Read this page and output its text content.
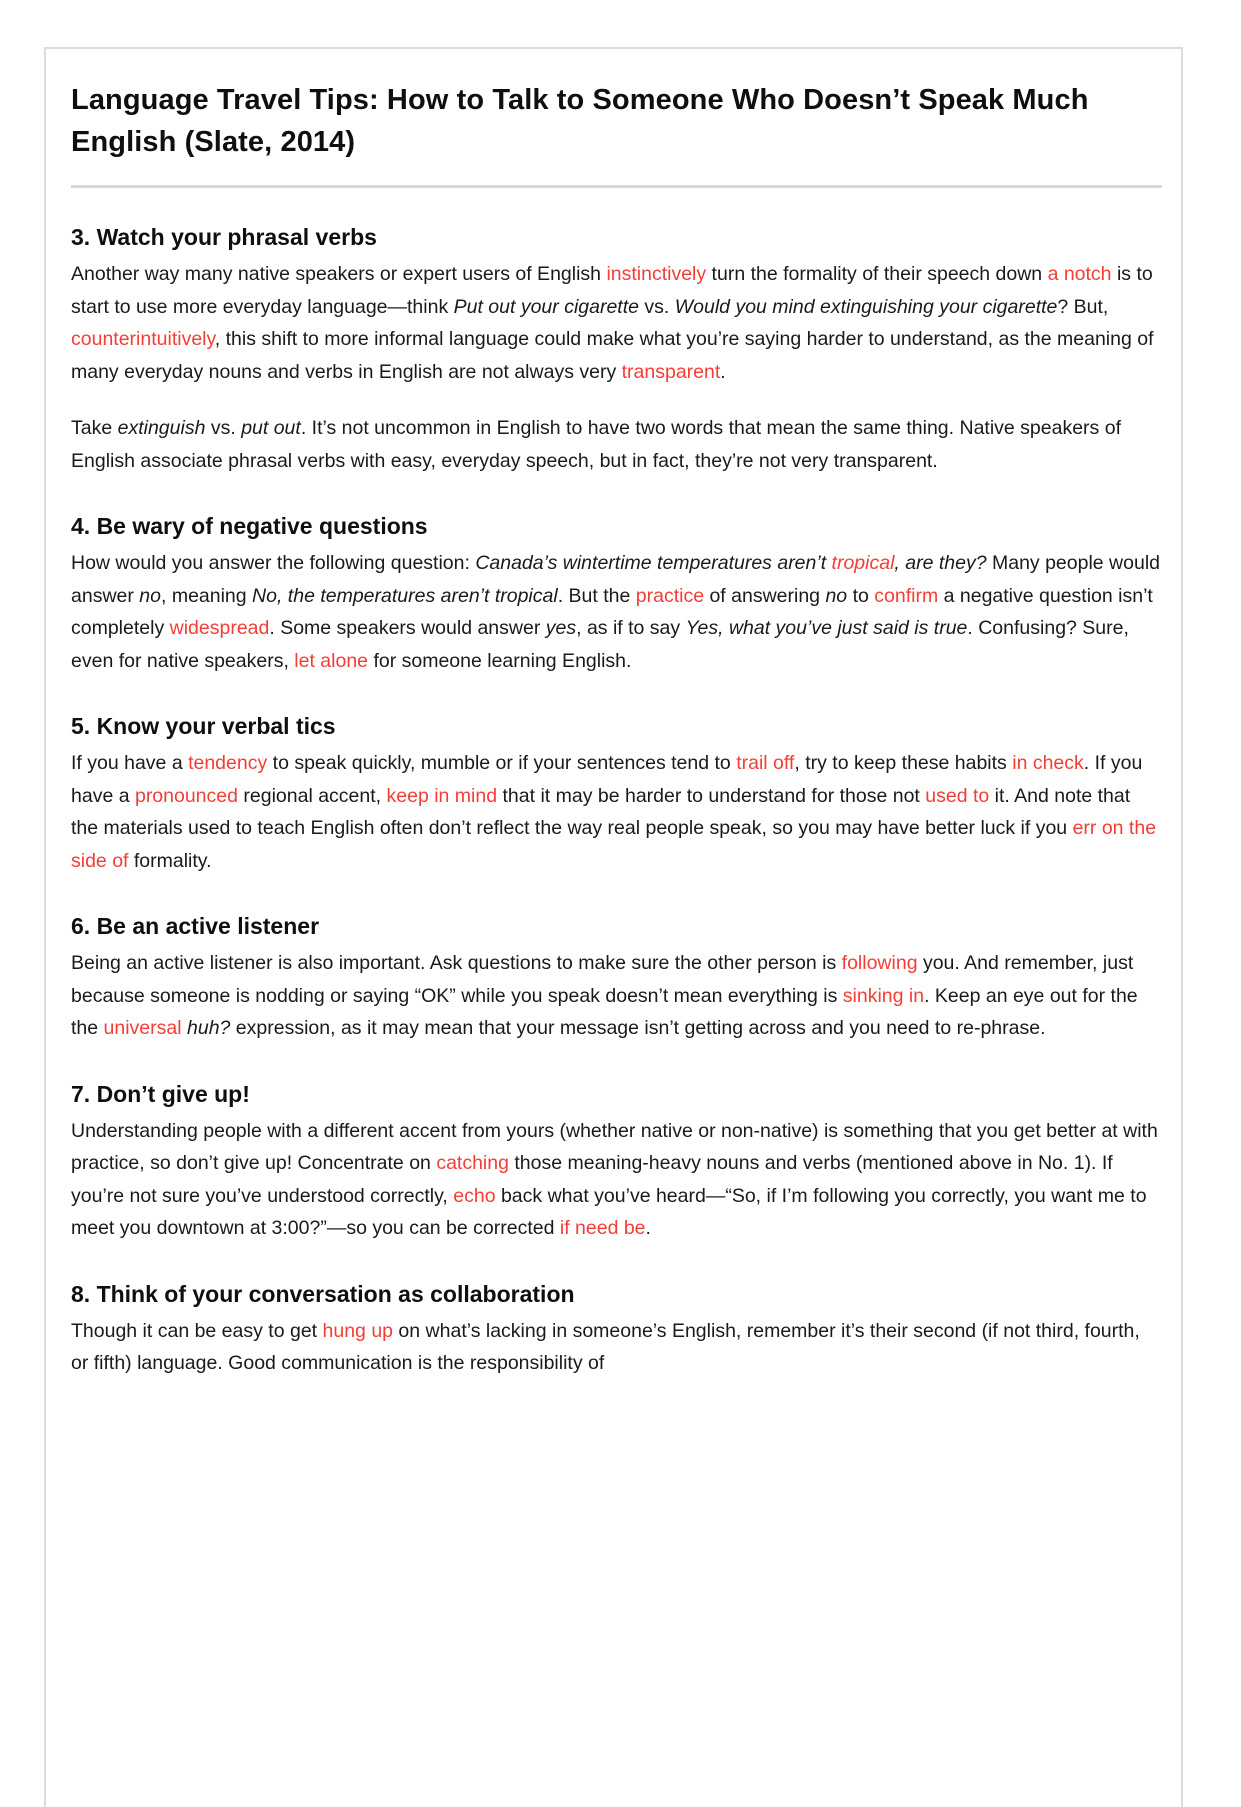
Language Travel Tips: How to Talk to Someone Who Doesn’t Speak Much English (Slate, 2014)
3. Watch your phrasal verbs

Another way many native speakers or expert users of English instinctively turn the formality of their speech down a notch is to start to use more everyday language—think Put out your cigarette vs. Would you mind extinguishing your cigarette? But, counterintuitively, this shift to more informal language could make what you’re saying harder to understand, as the meaning of many everyday nouns and verbs in English are not always very transparent.

Take extinguish vs. put out. It’s not uncommon in English to have two words that mean the same thing. Native speakers of English associate phrasal verbs with easy, everyday speech, but in fact, they’re not very transparent.

4. Be wary of negative questions

How would you answer the following question: Canada’s wintertime temperatures aren’t tropical, are they? Many people would answer no, meaning No, the temperatures aren’t tropical. But the practice of answering no to confirm a negative question isn’t completely widespread. Some speakers would answer yes, as if to say Yes, what you’ve just said is true. Confusing? Sure, even for native speakers, let alone for someone learning English.

5. Know your verbal tics

If you have a tendency to speak quickly, mumble or if your sentences tend to trail off, try to keep these habits in check. If you have a pronounced regional accent, keep in mind that it may be harder to understand for those not used to it. And note that the materials used to teach English often don’t reflect the way real people speak, so you may have better luck if you err on the side of formality.

6. Be an active listener

Being an active listener is also important. Ask questions to make sure the other person is following you. And remember, just because someone is nodding or saying “OK” while you speak doesn’t mean everything is sinking in. Keep an eye out for the the universal huh? expression, as it may mean that your message isn’t getting across and you need to re-phrase.

7. Don’t give up!

Understanding people with a different accent from yours (whether native or non-native) is something that you get better at with practice, so don’t give up! Concentrate on catching those meaning-heavy nouns and verbs (mentioned above in No. 1). If you’re not sure you’ve understood correctly, echo back what you’ve heard—“So, if I’m following you correctly, you want me to meet you downtown at 3:00?”—so you can be corrected if need be.

8. Think of your conversation as collaboration

Though it can be easy to get hung up on what’s lacking in someone’s English, remember it’s their second (if not third, fourth, or fifth) language. Good communication is the responsibility of
